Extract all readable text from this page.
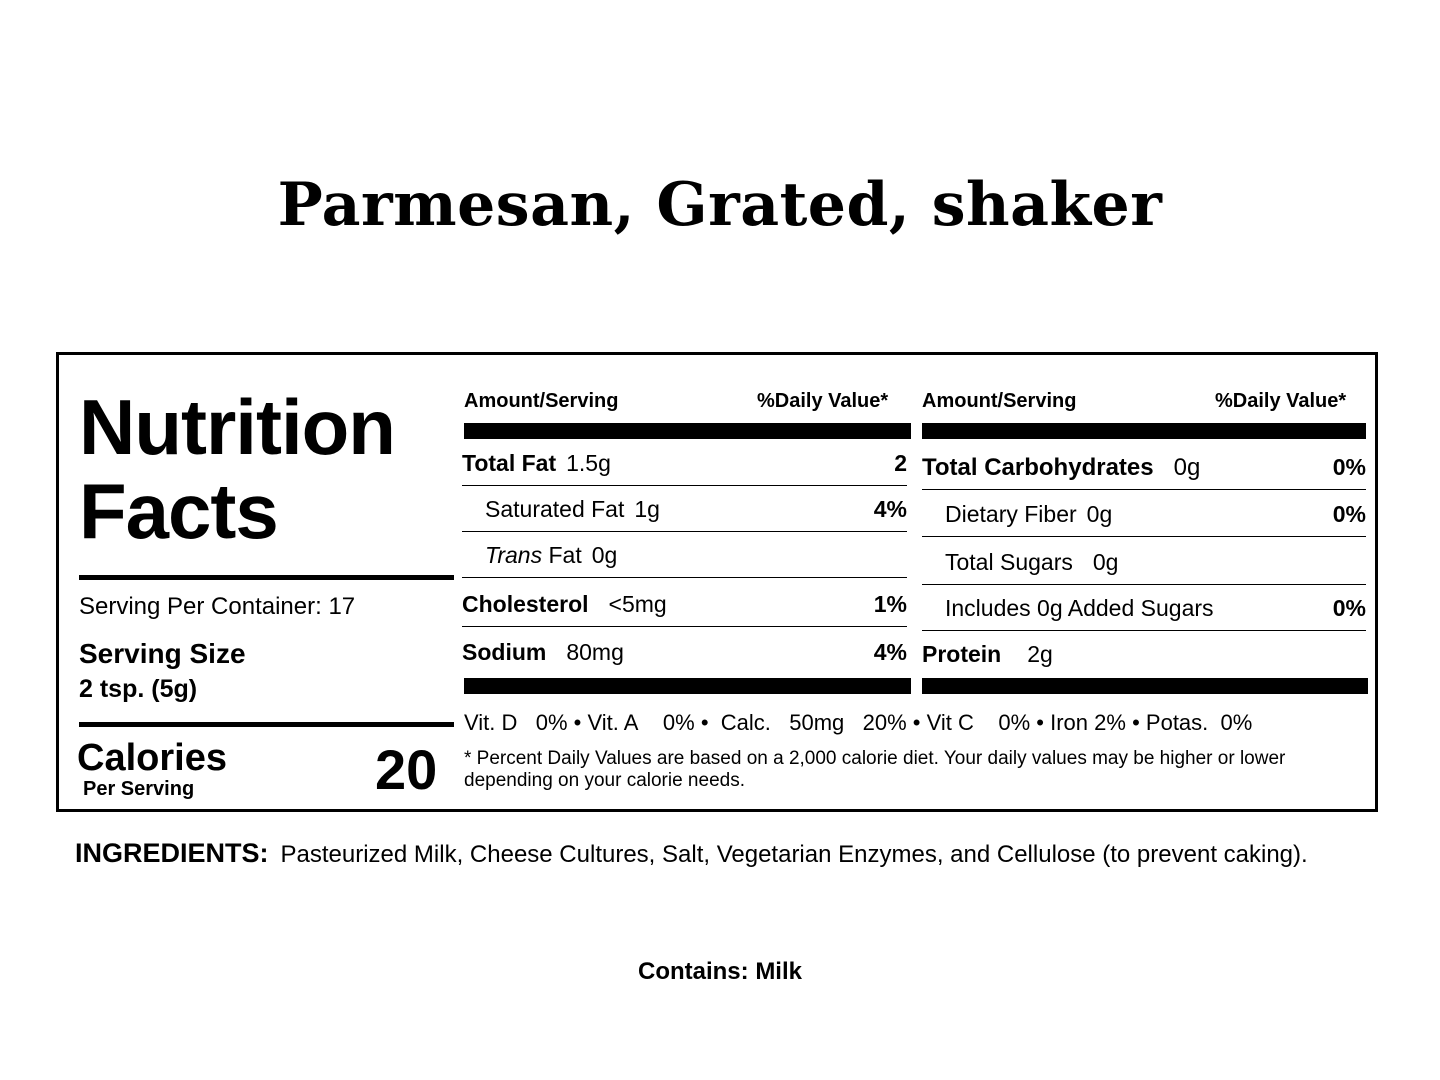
Parmesan, Grated, shaker
Nutrition
Facts
Serving Per Container: 17
Serving Size
2 tsp. (5g)
Calories
Per Serving	20
Amount/Serving	%Daily Value*
Total Fat 1.5g	2
Saturated Fat 1g	4%
Trans Fat 0g
Cholesterol <5mg	1%
Sodium 80mg	4%
Amount/Serving	%Daily Value*
Total Carbohydrates 0g	0%
Dietary Fiber 0g	0%
Total Sugars 0g
Includes 0g Added Sugars	0%
Protein 2g
Vit. D 0% • Vit. A 0% • Calc. 50mg 20% • Vit C 0% • Iron 2% • Potas. 0%
* Percent Daily Values are based on a 2,000 calorie diet. Your daily values may be higher or lower depending on your calorie needs.
INGREDIENTS: Pasteurized Milk, Cheese Cultures, Salt, Vegetarian Enzymes, and Cellulose (to prevent caking).
Contains: Milk
